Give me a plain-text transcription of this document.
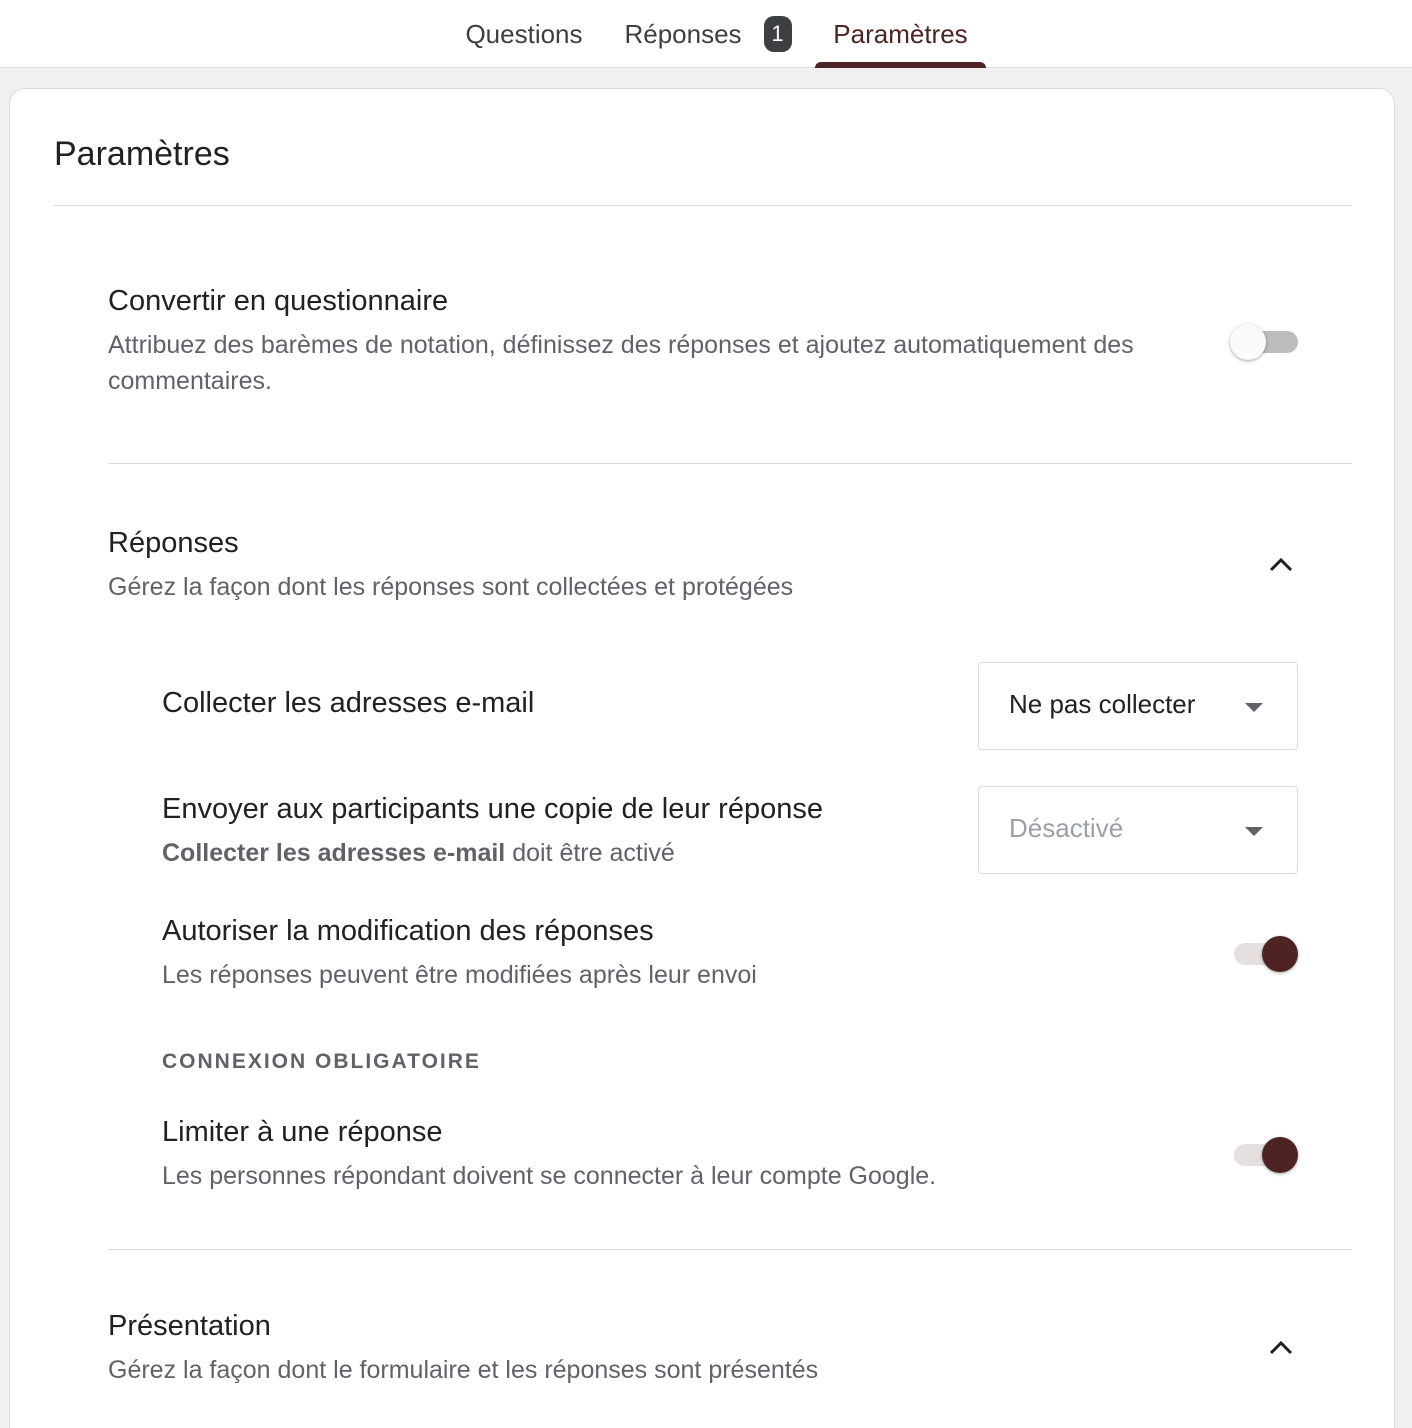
Questions Réponses	1	Paramètres
Paramètres
Convertir en questionnaire
Attribuez des barèmes de notation, définissez des réponses et ajoutez automatiquement des
commentaires.
Réponses
Gérez la façon dont les réponses sont collectées et protégées
Collecter les adresses e-mail	Ne pas collecter
Envoyer aux participants une copie de leur réponse
Collecter les adresses e-mail doit être activé
Désactivé
Autoriser la modification des réponses
Les réponses peuvent être modifiées après leur envoi
CONNEXION OBLIGATOIRE
Limiter à une réponse
Les personnes répondant doivent se connecter à leur compte Google.
Présentation
Gérez la façon dont le formulaire et les réponses sont présentés
